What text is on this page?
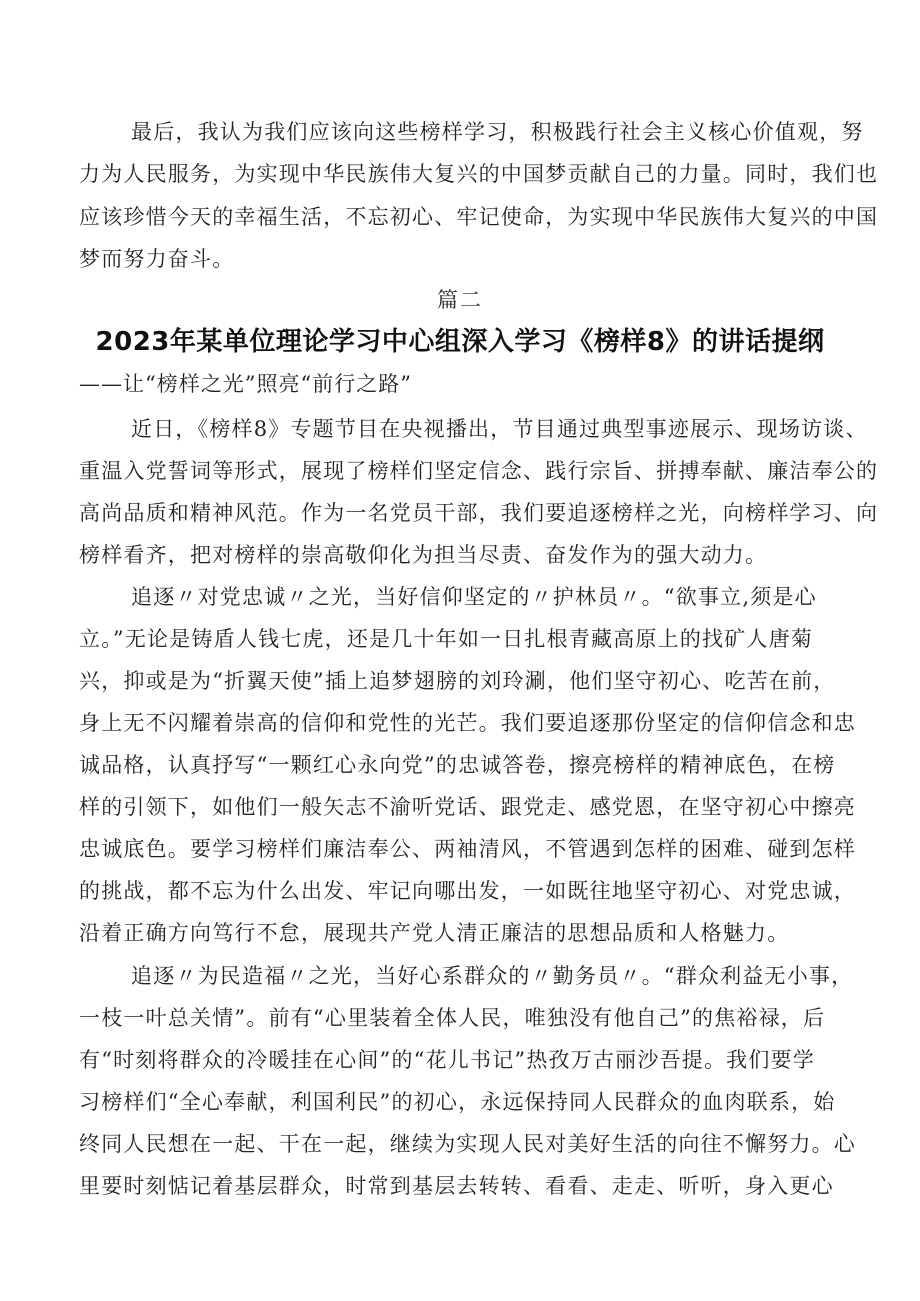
最后，我认为我们应该向这些榜样学习，积极践行社会主义核心价值观，努
力为人民服务，为实现中华民族伟大复兴的中国梦贡献自己的力量。同时，我们也
应该珍惜今天的幸福生活，不忘初心、牢记使命，为实现中华民族伟大复兴的中国
梦而努力奋斗。
篇二
2023年某单位理论学习中心组深入学习《榜样8》的讲话提纲
——让“榜样之光”照亮“前行之路”
近日，《榜样8》专题节目在央视播出，节目通过典型事迹展示、现场访谈、
重温入党誓词等形式，展现了榜样们坚定信念、践行宗旨、拼搏奉献、廉洁奉公的
高尚品质和精神风范。作为一名党员干部，我们要追逐榜样之光，向榜样学习、向
榜样看齐，把对榜样的崇高敬仰化为担当尽责、奋发作为的强大动力。
追逐〃对党忠诚〃之光，当好信仰坚定的〃护林员〃。“欲事立,须是心
立。”无论是铸盾人钱七虎，还是几十年如一日扎根青藏高原上的找矿人唐菊
兴，抑或是为“折翼天使”插上追梦翅膀的刘玲涮，他们坚守初心、吃苦在前，
身上无不闪耀着崇高的信仰和党性的光芒。我们要追逐那份坚定的信仰信念和忠
诚品格，认真抒写“一颗红心永向党”的忠诚答卷，擦亮榜样的精神底色，在榜
样的引领下，如他们一般矢志不渝听党话、跟党走、感党恩，在坚守初心中擦亮
忠诚底色。要学习榜样们廉洁奉公、两袖清风，不管遇到怎样的困难、碰到怎样
的挑战，都不忘为什么出发、牢记向哪出发，一如既往地坚守初心、对党忠诚，
沿着正确方向笃行不怠，展现共产党人清正廉洁的思想品质和人格魅力。
追逐〃为民造福〃之光，当好心系群众的〃勤务员〃。“群众利益无小事，
一枝一叶总关情”。前有“心里装着全体人民，唯独没有他自己”的焦裕禄，后
有“时刻将群众的冷暖挂在心间”的“花儿书记”热孜万古丽沙吾提。我们要学
习榜样们“全心奉献，利国利民”的初心，永远保持同人民群众的血肉联系，始
终同人民想在一起、干在一起，继续为实现人民对美好生活的向往不懈努力。心
里要时刻惦记着基层群众，时常到基层去转转、看看、走走、听听，身入更心
